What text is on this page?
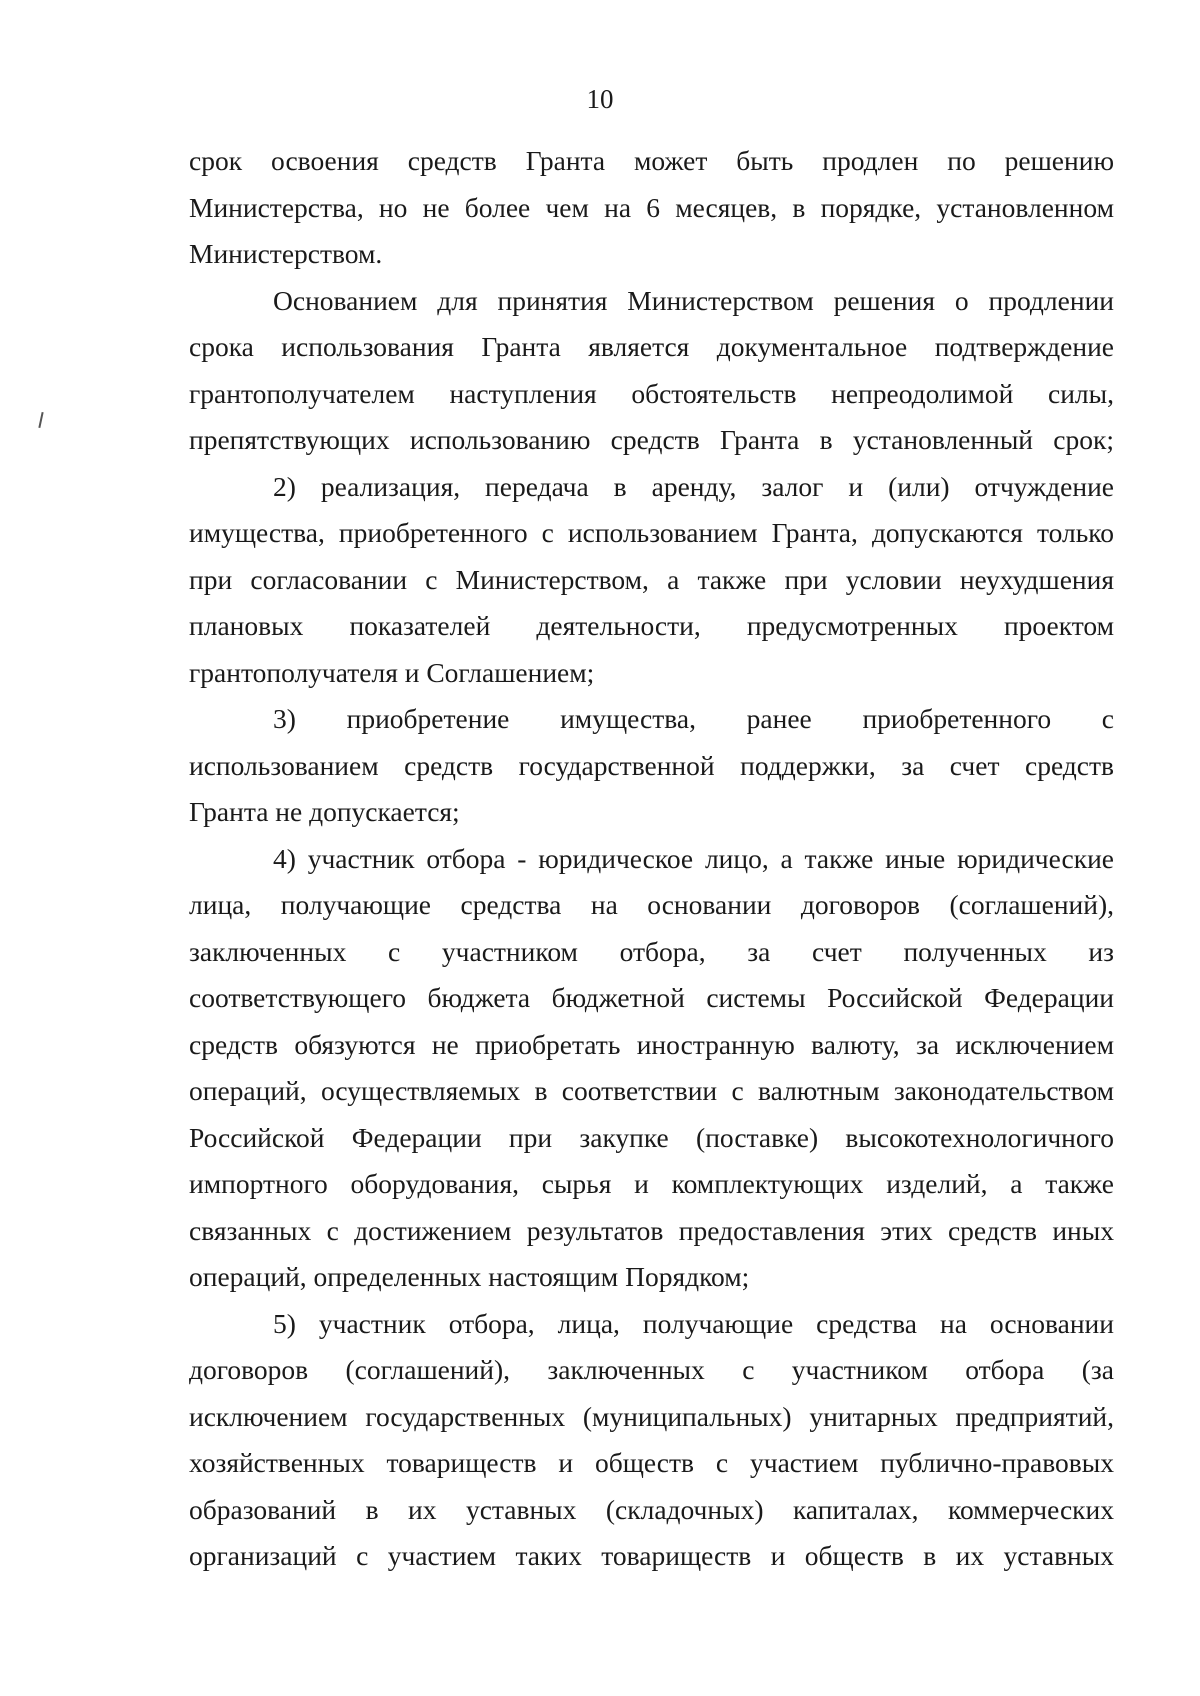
10
срок освоения средств Гранта может быть продлен по решению
Министерства, но не более чем на 6 месяцев, в порядке, установленном
Министерством.
Основанием для принятия Министерством решения о продлении
срока использования Гранта является документальное подтверждение
грантополучателем наступления обстоятельств непреодолимой силы,
препятствующих использованию средств Гранта в установленный срок;
2) реализация, передача в аренду, залог и (или) отчуждение
имущества, приобретенного с использованием Гранта, допускаются только
при согласовании с Министерством, а также при условии неухудшения
плановых показателей деятельности, предусмотренных проектом
грантополучателя и Соглашением;
3) приобретение имущества, ранее приобретенного с
использованием средств государственной поддержки, за счет средств
Гранта не допускается;
4) участник отбора - юридическое лицо, а также иные юридические
лица, получающие средства на основании договоров (соглашений),
заключенных с участником отбора, за счет полученных из
соответствующего бюджета бюджетной системы Российской Федерации
средств обязуются не приобретать иностранную валюту, за исключением
операций, осуществляемых в соответствии с валютным законодательством
Российской Федерации при закупке (поставке) высокотехнологичного
импортного оборудования, сырья и комплектующих изделий, а также
связанных с достижением результатов предоставления этих средств иных
операций, определенных настоящим Порядком;
5) участник отбора, лица, получающие средства на основании
договоров (соглашений), заключенных с участником отбора (за
исключением государственных (муниципальных) унитарных предприятий,
хозяйственных товариществ и обществ с участием публично-правовых
образований в их уставных (складочных) капиталах, коммерческих
организаций с участием таких товариществ и обществ в их уставных
